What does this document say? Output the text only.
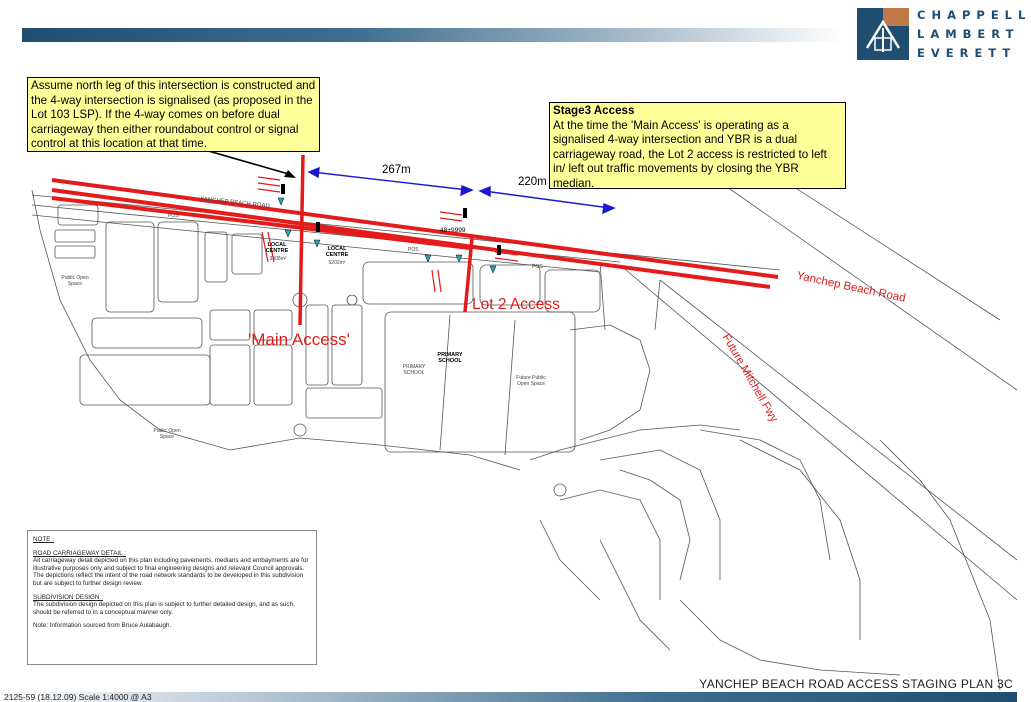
CHAPPELL
LAMBERT
EVERETT
YANCHEP BEACH ROAD
LOCAL CENTRE
3908m²
LOCAL CENTRE
5202m²
PRIMARY SCHOOL
PRIMARY SCHOOL
Future Public Open Space
Public Open Space
Public Open Space
POS
POS
POS
48+9999
Assume north leg of this intersection is constructed and the 4-way intersection is signalised (as proposed in the Lot 103 LSP). If the 4-way comes on before dual carriageway then either roundabout control or signal control at this location at that time.
Stage3 Access
At the time the 'Main Access' is operating as a signalised 4-way intersection and YBR is a dual carriageway road, the Lot 2 access is restricted to left in/ left out traffic movements by closing the YBR median.
267m
220m
'Main Access'
Lot 2 Access	Yanchep Beach Road
Future Mitchell Fwy
NOTE :
ROAD CARRIAGEWAY DETAIL :
All carriageway detail depicted on this plan including pavements, medians and embayments are for illustrative purposes only and subject to final engineering designs and relevant Council approvals. The depictions reflect the intent of the road network standards to be developed in this subdivision but are subject to further design review.
SUBDIVISION DESIGN :
The subdivision design depicted on this plan is subject to further detailed design, and as such, should be referred to in a conceptual manner only.
Note: Information sourced from Bruce Aulabaugh.
YANCHEP BEACH ROAD ACCESS STAGING PLAN 3C
2125-59 (18.12.09) Scale 1:4000 @ A3
